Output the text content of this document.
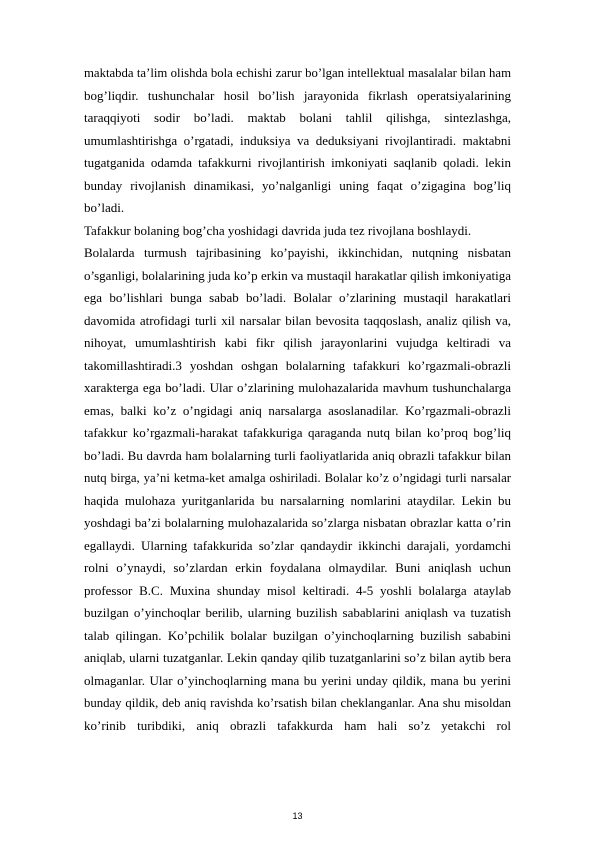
maktabda ta’lim olishda bola echishi zarur bo’lgan intellektual masalalar bilan ham
bog’liqdir. tushunchalar hosil bo’lish jarayonida fikrlash operatsiyalarining
taraqqiyoti sodir bo’ladi. maktab bolani tahlil qilishga, sintezlashga,
umumlashtirishga o’rgatadi, induksiya va deduksiyani rivojlantiradi. maktabni
tugatganida odamda tafakkurni rivojlantirish imkoniyati saqlanib qoladi. lekin
bunday rivojlanish dinamikasi, yo’nalganligi uning faqat o’zigagina bog’liq
bo’ladi.
Tafakkur bolaning bog’cha yoshidagi davrida juda tez rivojlana boshlaydi.
Bolalarda turmush tajribasining ko’payishi, ikkinchidan, nutqning nisbatan
o’sganligi, bolalarining juda ko’p erkin va mustaqil harakatlar qilish imkoniyatiga
ega bo’lishlari bunga sabab bo’ladi. Bolalar o’zlarining mustaqil harakatlari
davomida atrofidagi turli xil narsalar bilan bevosita taqqoslash, analiz qilish va,
nihoyat, umumlashtirish kabi fikr qilish jarayonlarini vujudga keltiradi va
takomillashtiradi.3 yoshdan oshgan bolalarning tafakkuri ko’rgazmali-obrazli
xarakterga ega bo’ladi. Ular o’zlarining mulohazalarida mavhum tushunchalarga
emas, balki ko’z o’ngidagi aniq narsalarga asoslanadilar. Ko’rgazmali-obrazli
tafakkur ko’rgazmali-harakat tafakkuriga qaraganda nutq bilan ko’proq bog’liq
bo’ladi. Bu davrda ham bolalarning turli faoliyatlarida aniq obrazli tafakkur bilan
nutq birga, ya’ni ketma-ket amalga oshiriladi. Bolalar ko’z o’ngidagi turli narsalar
haqida mulohaza yuritganlarida bu narsalarning nomlarini ataydilar. Lekin bu
yoshdagi ba’zi bolalarning mulohazalarida so’zlarga nisbatan obrazlar katta o’rin
egallaydi. Ularning tafakkurida so’zlar qandaydir ikkinchi darajali, yordamchi
rolni o’ynaydi, so’zlardan erkin foydalana olmaydilar. Buni aniqlash uchun
professor B.C. Muxina shunday misol keltiradi. 4-5 yoshli bolalarga ataylab
buzilgan o’yinchoqlar berilib, ularning buzilish sabablarini aniqlash va tuzatish
talab qilingan. Ko’pchilik bolalar buzilgan o’yinchoqlarning buzilish sababini
aniqlab, ularni tuzatganlar. Lekin qanday qilib tuzatganlarini so’z bilan aytib bera
olmaganlar. Ular o’yinchoqlarning mana bu yerini unday qildik, mana bu yerini
bunday qildik, deb aniq ravishda ko’rsatish bilan cheklanganlar. Ana shu misoldan
ko’rinib turibdiki, aniq obrazli tafakkurda ham hali so’z yetakchi rol
13
